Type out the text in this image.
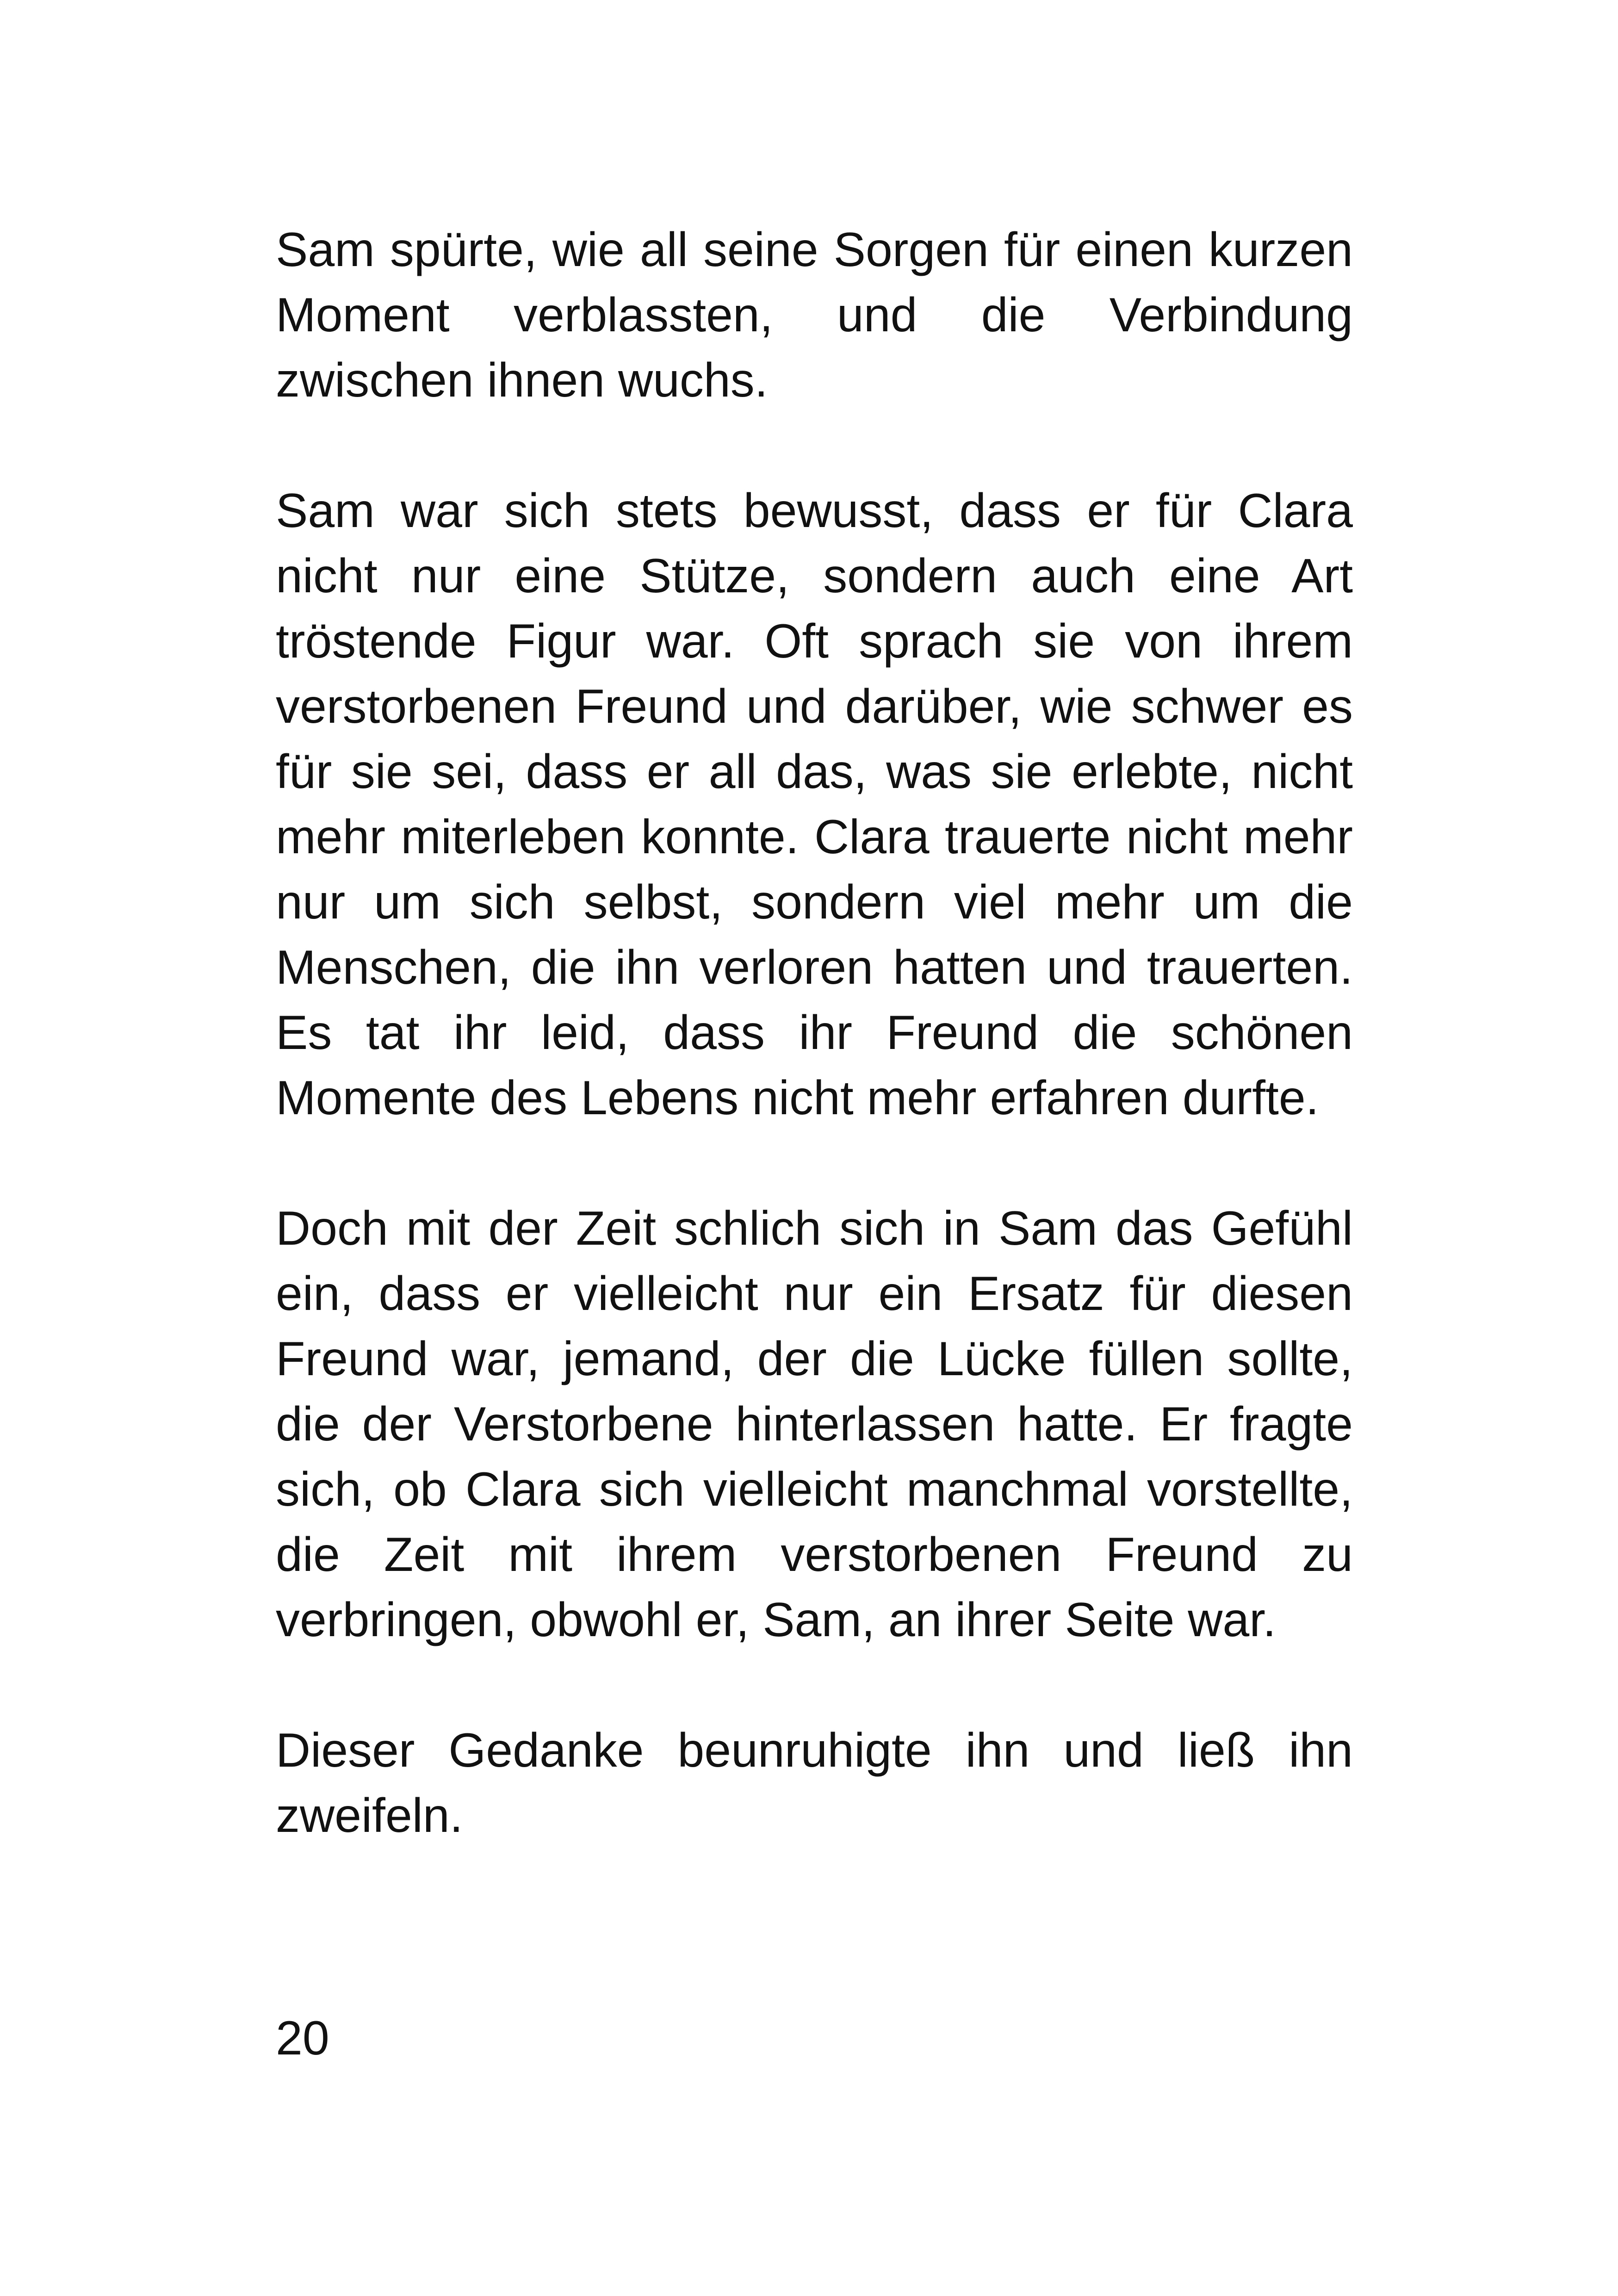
Sam spürte, wie all seine Sorgen für einen kurzen Moment verblassten, und die Verbindung zwischen ihnen wuchs.

Sam war sich stets bewusst, dass er für Clara nicht nur eine Stütze, sondern auch eine Art tröstende Figur war. Oft sprach sie von ihrem verstorbenen Freund und darüber, wie schwer es für sie sei, dass er all das, was sie erlebte, nicht mehr miterleben konnte. Clara trauerte nicht mehr nur um sich selbst, sondern viel mehr um die Menschen, die ihn verloren hatten und trauerten. Es tat ihr leid, dass ihr Freund die schönen Momente des Lebens nicht mehr erfahren durfte.

Doch mit der Zeit schlich sich in Sam das Gefühl ein, dass er vielleicht nur ein Ersatz für diesen Freund war, jemand, der die Lücke füllen sollte, die der Verstorbene hinterlassen hatte. Er fragte sich, ob Clara sich vielleicht manchmal vorstellte, die Zeit mit ihrem verstorbenen Freund zu verbringen, obwohl er, Sam, an ihrer Seite war.

Dieser Gedanke beunruhigte ihn und ließ ihn zweifeln.

20
